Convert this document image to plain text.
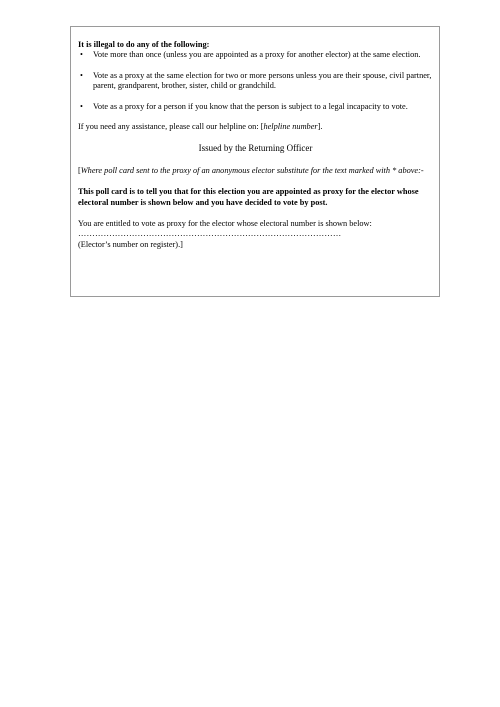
It is illegal to do any of the following:

•	Vote more than once (unless you are appointed as a proxy for another elector) at the same election.
•	Vote as a proxy at the same election for two or more persons unless you are their spouse, civil partner, parent, grandparent, brother, sister, child or grandchild.
•	Vote as a proxy for a person if you know that the person is subject to a legal incapacity to vote.

If you need any assistance, please call our helpline on: [helpline number].

Issued by the Returning Officer

[Where poll card sent to the proxy of an anonymous elector substitute for the text marked with * above:-

This poll card is to tell you that for this election you are appointed as proxy for the elector whose electoral number is shown below and you have decided to vote by post.

You are entitled to vote as proxy for the elector whose electoral number is shown below:

…………………………………………………………………………………

(Elector’s number on register).]
